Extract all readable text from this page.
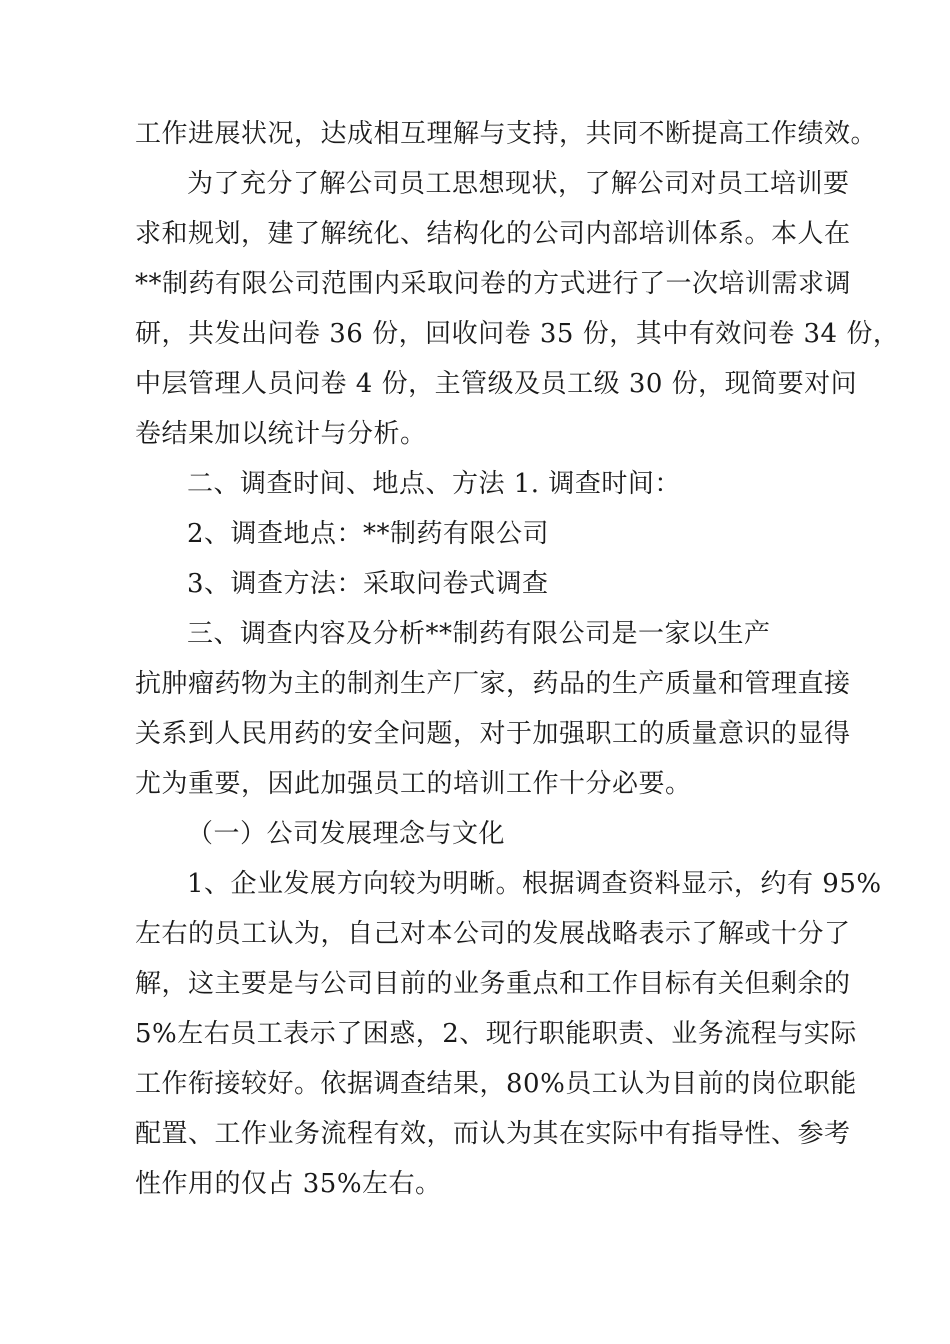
工作进展状况，达成相互理解与支持，共同不断提高工作绩效。
为了充分了解公司员工思想现状，了解公司对员工培训要
求和规划，建了解统化、结构化的公司内部培训体系。本人在
**制药有限公司范围内采取问卷的方式进行了一次培训需求调
研，共发出问卷 36 份，回收问卷 35 份，其中有效问卷 34 份，
中层管理人员问卷 4 份，主管级及员工级 30 份，现简要对问
卷结果加以统计与分析。
二、调查时间、地点、方法 1. 调查时间：
2、调查地点：**制药有限公司
3、调查方法：采取问卷式调查
三、调查内容及分析**制药有限公司是一家以生产
抗肿瘤药物为主的制剂生产厂家，药品的生产质量和管理直接
关系到人民用药的安全问题，对于加强职工的质量意识的显得
尤为重要，因此加强员工的培训工作十分必要。
（一）公司发展理念与文化
1、企业发展方向较为明晰。根据调查资料显示，约有 95%
左右的员工认为，自己对本公司的发展战略表示了解或十分了
解，这主要是与公司目前的业务重点和工作目标有关但剩余的
5%左右员工表示了困惑，2、现行职能职责、业务流程与实际
工作衔接较好。依据调查结果，80%员工认为目前的岗位职能
配置、工作业务流程有效，而认为其在实际中有指导性、参考
性作用的仅占 35%左右。
